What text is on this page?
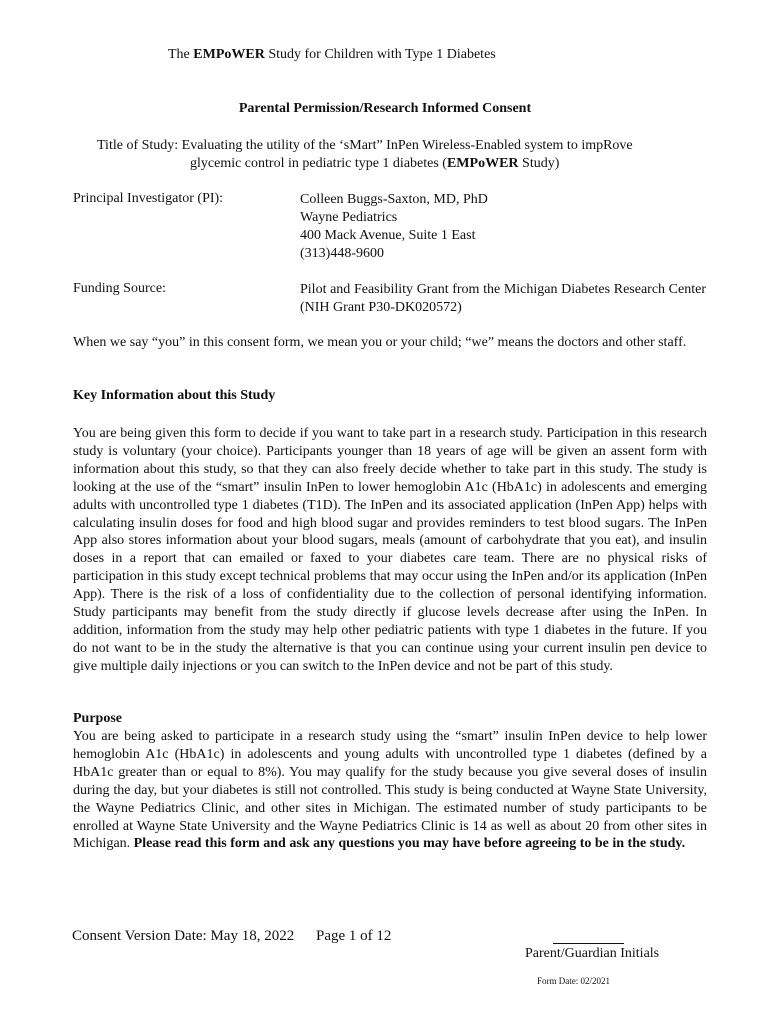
The EMPoWER Study for Children with Type 1 Diabetes
Parental Permission/Research Informed Consent
Title of Study: Evaluating the utility of the ‘sMart” InPen Wireless-Enabled system to impRove
glycemic control in pediatric type 1 diabetes (EMPoWER Study)
Principal Investigator (PI):	Colleen Buggs-Saxton, MD, PhD
Wayne Pediatrics
400 Mack Avenue, Suite 1 East
(313)448-9600
Funding Source:	Pilot and Feasibility Grant from the Michigan Diabetes Research Center (NIH Grant P30-DK020572)
When we say “you” in this consent form, we mean you or your child; “we” means the doctors and other staff.
Key Information about this Study
You are being given this form to decide if you want to take part in a research study. Participation in this research study is voluntary (your choice). Participants younger than 18 years of age will be given an assent form with information about this study, so that they can also freely decide whether to take part in this study. The study is looking at the use of the “smart” insulin InPen to lower hemoglobin A1c (HbA1c) in adolescents and emerging adults with uncontrolled type 1 diabetes (T1D). The InPen and its associated application (InPen App) helps with calculating insulin doses for food and high blood sugar and provides reminders to test blood sugars. The InPen App also stores information about your blood sugars, meals (amount of carbohydrate that you eat), and insulin doses in a report that can emailed or faxed to your diabetes care team. There are no physical risks of participation in this study except technical problems that may occur using the InPen and/or its application (InPen App). There is the risk of a loss of confidentiality due to the collection of personal identifying information. Study participants may benefit from the study directly if glucose levels decrease after using the InPen. In addition, information from the study may help other pediatric patients with type 1 diabetes in the future. If you do not want to be in the study the alternative is that you can continue using your current insulin pen device to give multiple daily injections or you can switch to the InPen device and not be part of this study.
Purpose
You are being asked to participate in a research study using the “smart” insulin InPen device to help lower hemoglobin A1c (HbA1c) in adolescents and young adults with uncontrolled type 1 diabetes (defined by a HbA1c greater than or equal to 8%). You may qualify for the study because you give several doses of insulin during the day, but your diabetes is still not controlled. This study is being conducted at Wayne State University, the Wayne Pediatrics Clinic, and other sites in Michigan. The estimated number of study participants to be enrolled at Wayne State University and the Wayne Pediatrics Clinic is 14 as well as about 20 from other sites in Michigan. Please read this form and ask any questions you may have before agreeing to be in the study.
Consent Version Date: May 18, 2022 Page 1 of 12
Parent/Guardian Initials
Form Date: 02/2021
